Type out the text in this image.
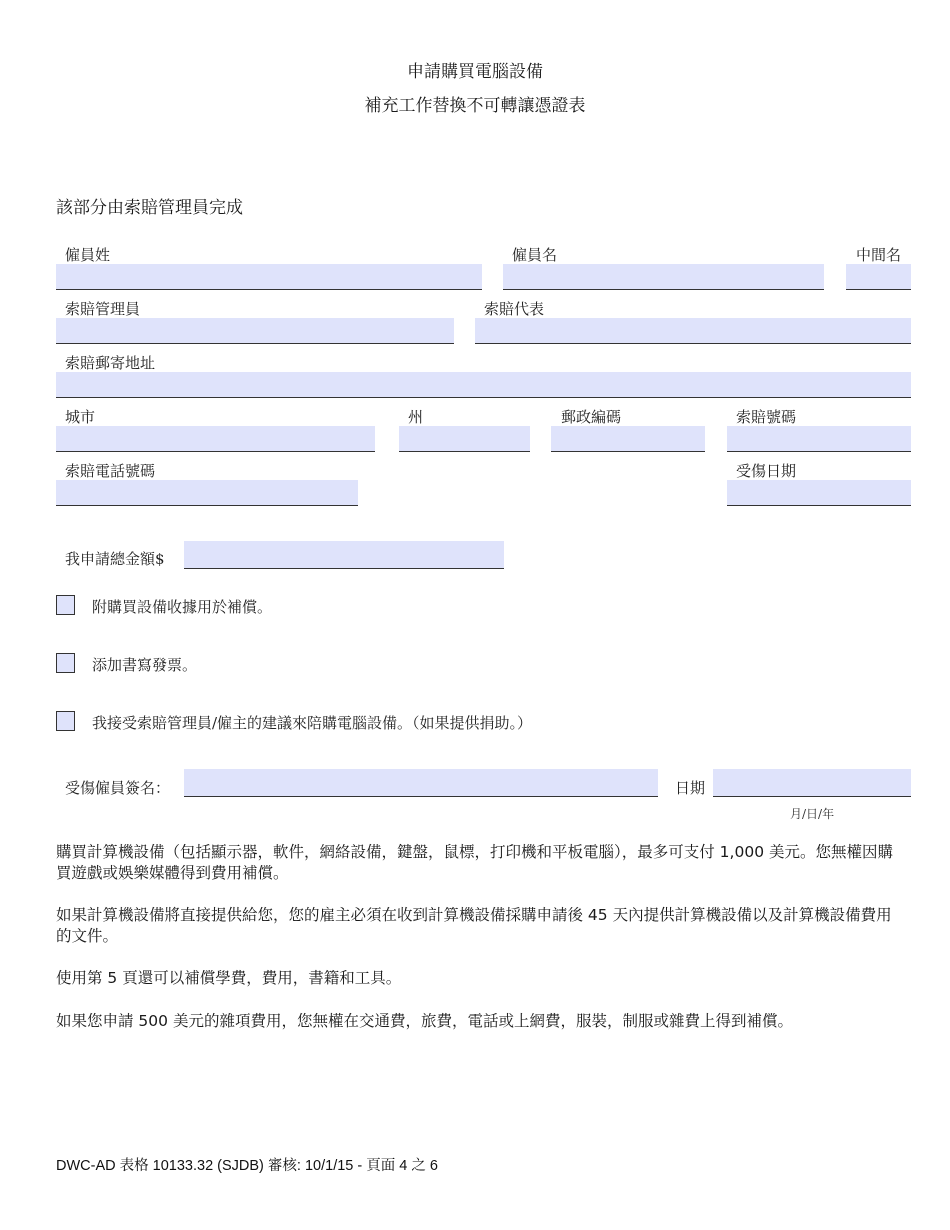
申請購買電腦設備
補充工作替換不可轉讓憑證表
該部分由索賠管理員完成
僱員姓	僱員名	中間名
索賠管理員	索賠代表
索賠郵寄地址
城市	州	郵政編碼	索賠號碼
索賠電話號碼	受傷日期
我申請總金額$
附購買設備收據用於補償。
添加書寫發票。
我接受索賠管理員/僱主的建議來陪購電腦設備。（如果提供捐助。）
受傷僱員簽名：	日期
月/日/年
購買計算機設備（包括顯示器，軟件，網絡設備，鍵盤，鼠標，打印機和平板電腦），最多可支付 1,000 美元。您無權因購買遊戲或娛樂媒體得到費用補償。
如果計算機設備將直接提供給您，您的雇主必須在收到計算機設備採購申請後 45 天內提供計算機設備以及計算機設備費用的文件。
使用第 5 頁還可以補償學費，費用，書籍和工具。
如果您申請 500 美元的雜項費用，您無權在交通費，旅費，電話或上網費，服裝，制服或雜費上得到補償。
DWC-AD 表格 10133.32 (SJDB) 審核: 10/1/15 - 頁面 4 之 6
